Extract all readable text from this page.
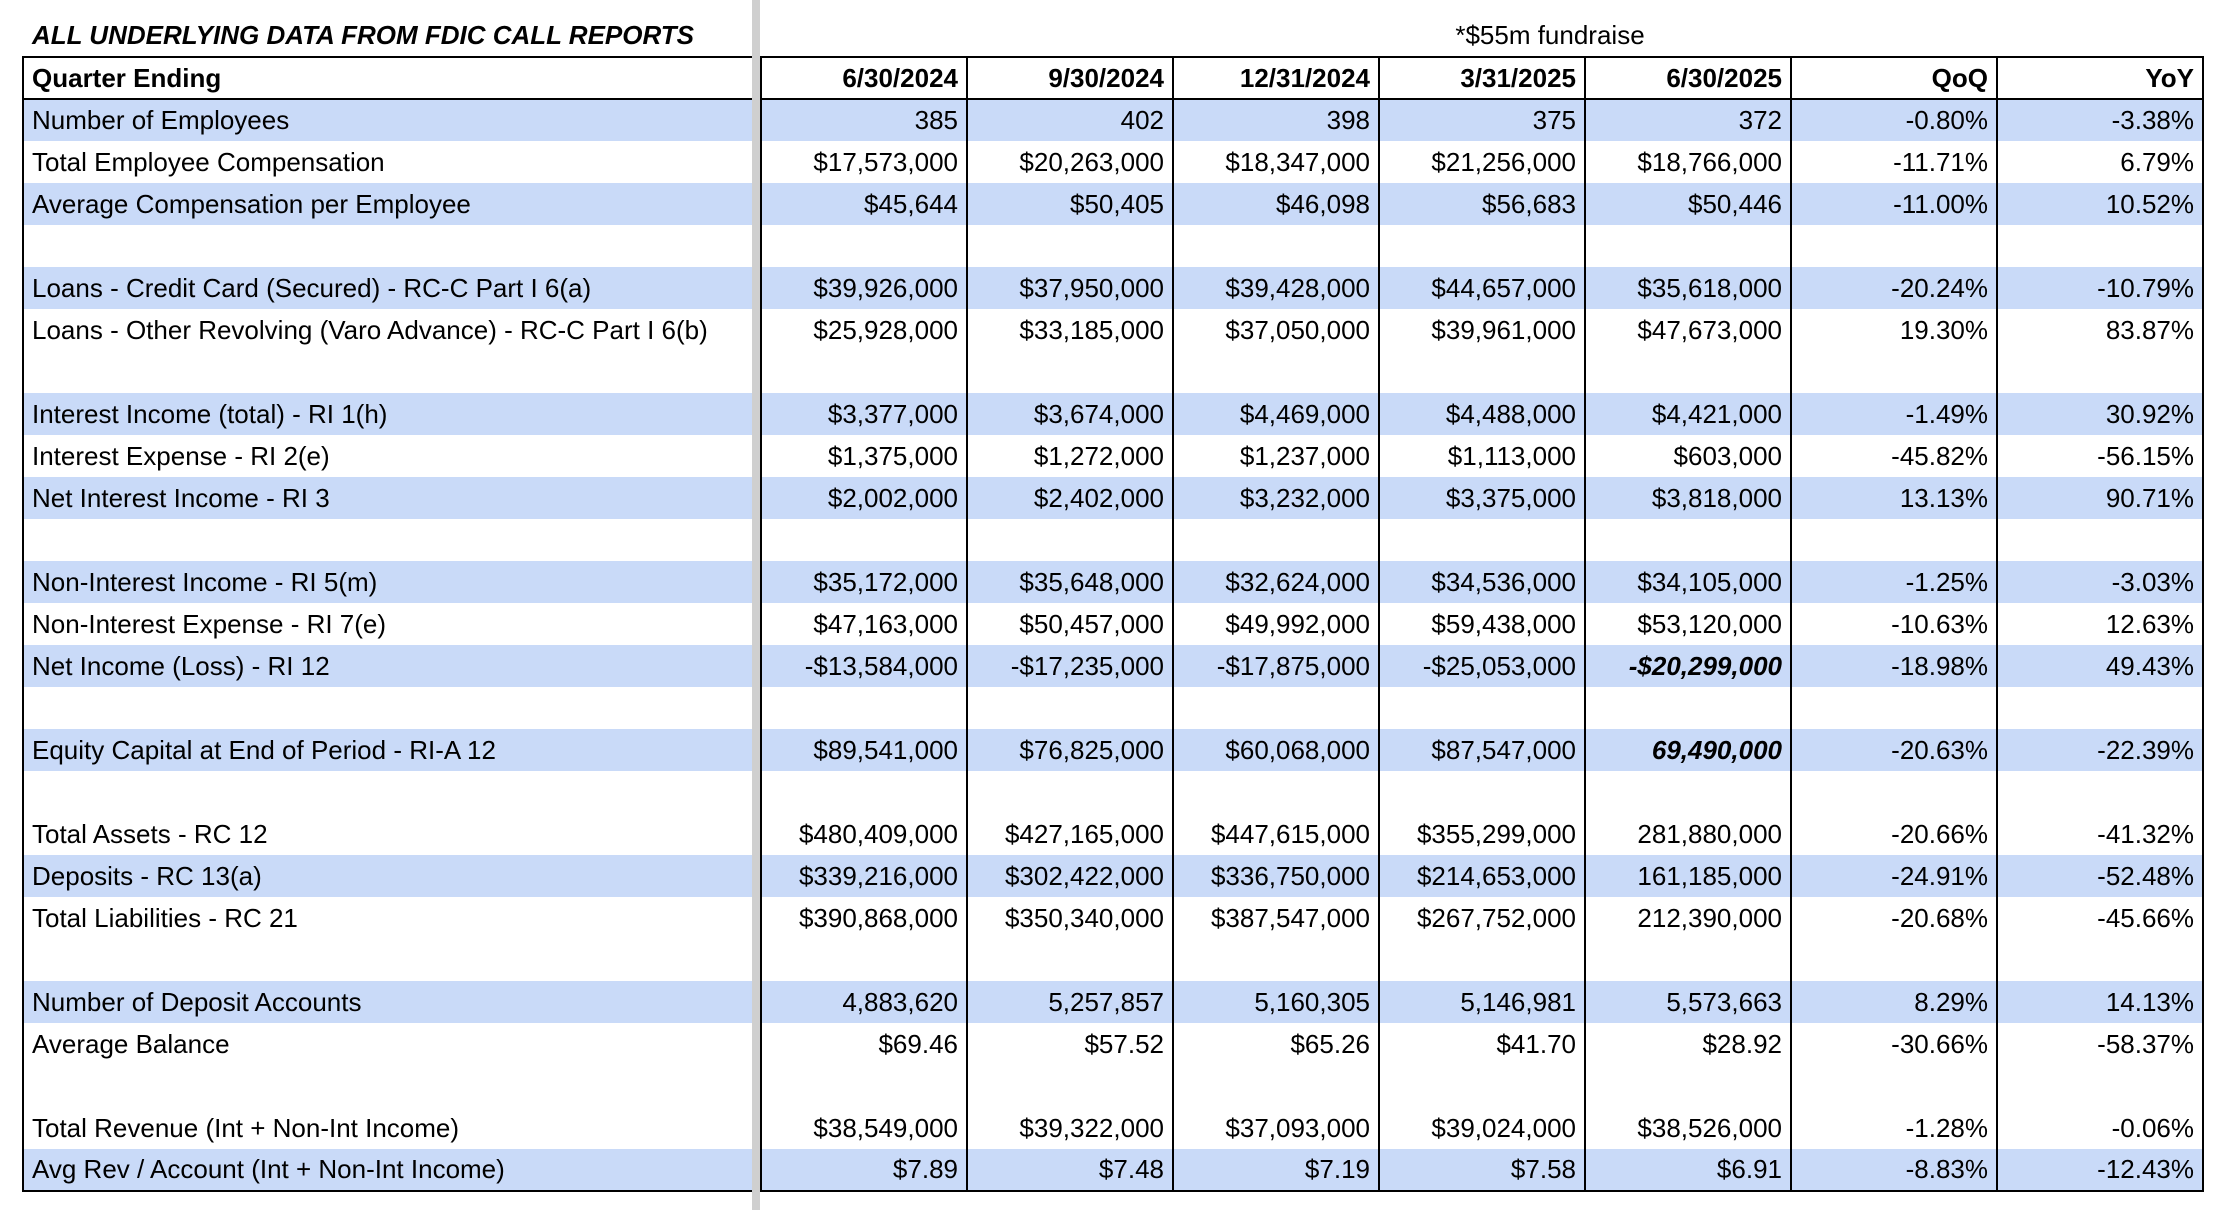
ALL UNDERLYING DATA FROM FDIC CALL REPORTS	*$55m fundraise
Quarter Ending	6/30/2024	9/30/2024	12/31/2024	3/31/2025	6/30/2025	QoQ	YoY
Number of Employees	385	402	398	375	372	-0.80%	-3.38%
Total Employee Compensation	$17,573,000	$20,263,000	$18,347,000	$21,256,000	$18,766,000	-11.71%	6.79%
Average Compensation per Employee	$45,644	$50,405	$46,098	$56,683	$50,446	-11.00%	10.52%

Loans - Credit Card (Secured) - RC-C Part I 6(a)	$39,926,000	$37,950,000	$39,428,000	$44,657,000	$35,618,000	-20.24%	-10.79%
Loans - Other Revolving (Varo Advance) - RC-C Part I 6(b)	$25,928,000	$33,185,000	$37,050,000	$39,961,000	$47,673,000	19.30%	83.87%

Interest Income (total) - RI 1(h)	$3,377,000	$3,674,000	$4,469,000	$4,488,000	$4,421,000	-1.49%	30.92%
Interest Expense - RI 2(e)	$1,375,000	$1,272,000	$1,237,000	$1,113,000	$603,000	-45.82%	-56.15%
Net Interest Income - RI 3	$2,002,000	$2,402,000	$3,232,000	$3,375,000	$3,818,000	13.13%	90.71%

Non-Interest Income - RI 5(m)	$35,172,000	$35,648,000	$32,624,000	$34,536,000	$34,105,000	-1.25%	-3.03%
Non-Interest Expense - RI 7(e)	$47,163,000	$50,457,000	$49,992,000	$59,438,000	$53,120,000	-10.63%	12.63%
Net Income (Loss) - RI 12	-$13,584,000	-$17,235,000	-$17,875,000	-$25,053,000	-$20,299,000	-18.98%	49.43%

Equity Capital at End of Period - RI-A 12	$89,541,000	$76,825,000	$60,068,000	$87,547,000	69,490,000	-20.63%	-22.39%

Total Assets - RC 12	$480,409,000	$427,165,000	$447,615,000	$355,299,000	281,880,000	-20.66%	-41.32%
Deposits - RC 13(a)	$339,216,000	$302,422,000	$336,750,000	$214,653,000	161,185,000	-24.91%	-52.48%
Total Liabilities - RC 21	$390,868,000	$350,340,000	$387,547,000	$267,752,000	212,390,000	-20.68%	-45.66%

Number of Deposit Accounts	4,883,620	5,257,857	5,160,305	5,146,981	5,573,663	8.29%	14.13%
Average Balance	$69.46	$57.52	$65.26	$41.70	$28.92	-30.66%	-58.37%

Total Revenue (Int + Non-Int Income)	$38,549,000	$39,322,000	$37,093,000	$39,024,000	$38,526,000	-1.28%	-0.06%
Avg Rev / Account (Int + Non-Int Income)	$7.89	$7.48	$7.19	$7.58	$6.91	-8.83%	-12.43%
